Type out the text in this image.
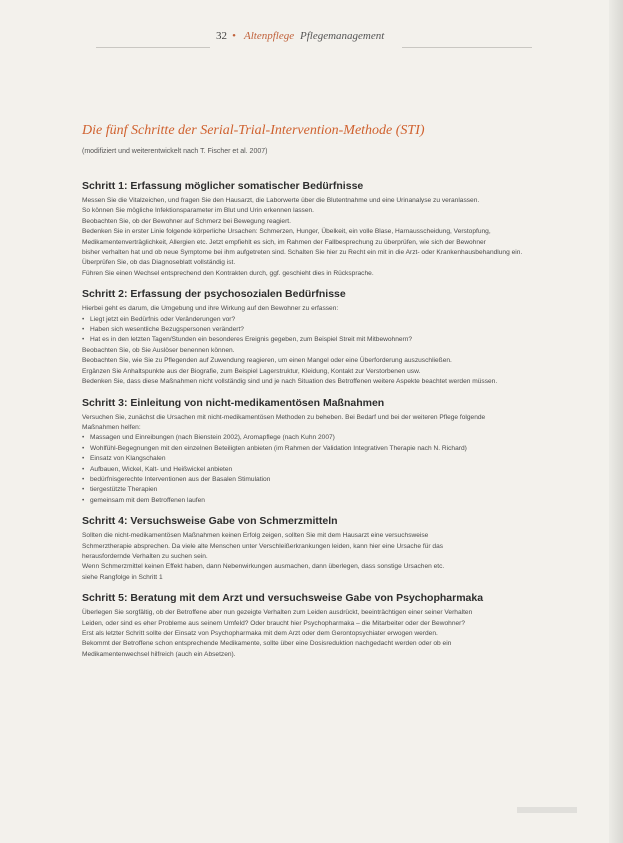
32 • Altenpflege Pflegemanagement
Die fünf Schritte der Serial-Trial-Intervention-Methode (STI)
(modifiziert und weiterentwickelt nach T. Fischer et al. 2007)
Schritt 1: Erfassung möglicher somatischer Bedürfnisse
Messen Sie die Vitalzeichen, und fragen Sie den Hausarzt, die Laborwerte über die Blutentnahme und eine Urinanalyse zu veranlassen.
So können Sie mögliche Infektionsparameter im Blut und Urin erkennen lassen.
Beobachten Sie, ob der Bewohner auf Schmerz bei Bewegung reagiert.
Bedenken Sie in erster Linie folgende körperliche Ursachen: Schmerzen, Hunger, Übelkeit, ein volle Blase, Harnausscheidung, Verstopfung,
Medikamentenverträglichkeit, Allergien etc. Jetzt empfiehlt es sich, im Rahmen der Fallbesprechung zu überprüfen, wie sich der Bewohner
bisher verhalten hat und ob neue Symptome bei ihm aufgetreten sind. Schalten Sie hier zu Recht ein mit in die Arzt- oder Krankenhausbehandlung ein.
Überprüfen Sie, ob das Diagnoseblatt vollständig ist.
Führen Sie einen Wechsel entsprechend den Kontrakten durch, ggf. geschieht dies in Rücksprache.
Schritt 2: Erfassung der psychosozialen Bedürfnisse
Hierbei geht es darum, die Umgebung und ihre Wirkung auf den Bewohner zu erfassen:
• Liegt jetzt ein Bedürfnis oder Veränderungen vor?
• Haben sich wesentliche Bezugspersonen verändert?
• Hat es in den letzten Tagen/Stunden ein besonderes Ereignis gegeben, zum Beispiel Streit mit Mitbewohnern?
Beobachten Sie, ob Sie Auslöser benennen können.
Beobachten Sie, wie Sie zu Pflegenden auf Zuwendung reagieren, um einen Mangel oder eine Überforderung auszuschließen.
Ergänzen Sie Anhaltspunkte aus der Biografie, zum Beispiel Lagerstruktur, Kleidung, Kontakt zur Verstorbenen usw.
Bedenken Sie, dass diese Maßnahmen nicht vollständig sind und je nach Situation des Betroffenen weitere Aspekte beachtet werden müssen.
Schritt 3: Einleitung von nicht-medikamentösen Maßnahmen
Versuchen Sie, zunächst die Ursachen mit nicht-medikamentösen Methoden zu beheben. Bei Bedarf und bei der weiteren Pflege folgende
Maßnahmen helfen:
• Massagen und Einreibungen (nach Bienstein 2002), Aromapflege (nach Kuhn 2007)
• Wohlfühl-Begegnungen mit den einzelnen Beteiligten anbieten (im Rahmen der Validation Integrativen Therapie nach N. Richard)
• Einsatz von Klangschalen
• Aufbauen, Wickel, Kalt- und Heißwickel anbieten
• bedürfnisgerechte Interventionen aus der Basalen Stimulation
• tiergestützte Therapien
• gemeinsam mit dem Betroffenen laufen
Schritt 4: Versuchsweise Gabe von Schmerzmitteln
Sollten die nicht-medikamentösen Maßnahmen keinen Erfolg zeigen, sollten Sie mit dem Hausarzt eine versuchsweise
Schmerztherapie absprechen. Da viele alte Menschen unter Verschleißerkrankungen leiden, kann hier eine Ursache für das
herausfordernde Verhalten zu suchen sein.
Wenn Schmerzmittel keinen Effekt haben, dann Nebenwirkungen ausmachen, dann überlegen, dass sonstige Ursachen etc.
siehe Rangfolge in Schritt 1
Schritt 5: Beratung mit dem Arzt und versuchsweise Gabe von Psychopharmaka
Überlegen Sie sorgfältig, ob der Betroffene aber nun gezeigte Verhalten zum Leiden ausdrückt, beeinträchtigen einer seiner Verhalten
Leiden, oder sind es eher Probleme aus seinem Umfeld? Oder braucht hier Psychopharmaka – die Mitarbeiter oder der Bewohner?
Erst als letzter Schritt sollte der Einsatz von Psychopharmaka mit dem Arzt oder dem Gerontopsychiater erwogen werden.
Bekommt der Betroffene schon entsprechende Medikamente, sollte über eine Dosisreduktion nachgedacht werden oder ob ein
Medikamentenwechsel hilfreich (auch ein Absetzen).
